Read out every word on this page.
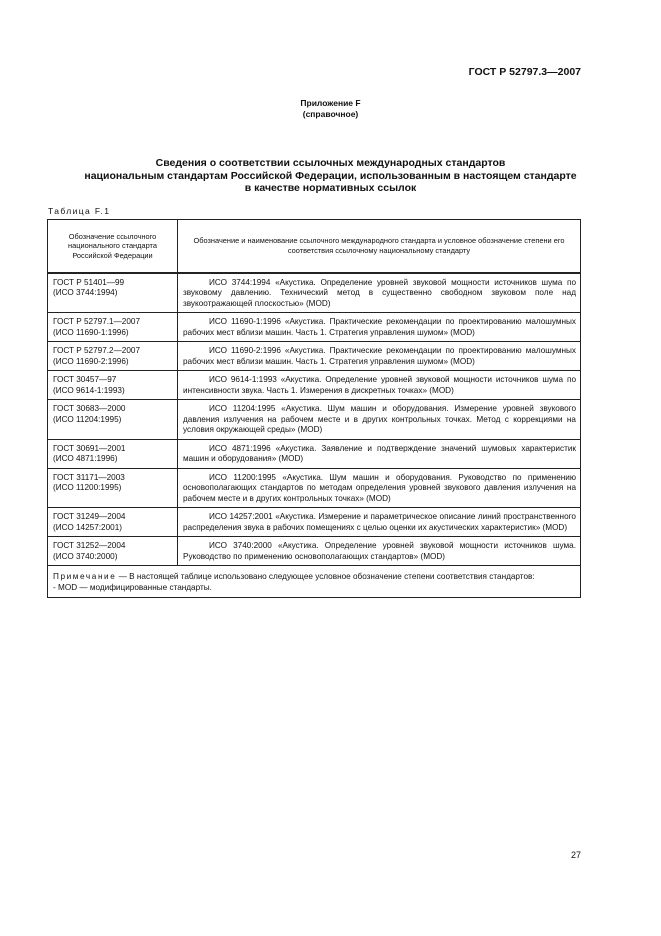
ГОСТ Р 52797.3—2007
Приложение F
(справочное)
Сведения о соответствии ссылочных международных стандартов
национальным стандартам Российской Федерации, использованным в настоящем стандарте
в качестве нормативных ссылок
Таблица F.1
Обозначение ссылочного национального стандарта Российской Федерации	Обозначение и наименование ссылочного международного стандарта и условное обозначение степени его соответствия ссылочному национальному стандарту

ГОСТ Р 51401—99
(ИСО 3744:1994)	ИСО 3744:1994 «Акустика. Определение уровней звуковой мощности источников шума по звуковому давлению. Технический метод в существенно свободном звуковом поле над звукоотражающей плоскостью» (MOD)

ГОСТ Р 52797.1—2007
(ИСО 11690-1:1996)	ИСО 11690-1:1996 «Акустика. Практические рекомендации по проектированию малошумных рабочих мест вблизи машин. Часть 1. Стратегия управления шумом» (MOD)

ГОСТ Р 52797.2—2007
(ИСО 11690-2:1996)	ИСО 11690-2:1996 «Акустика. Практические рекомендации по проектированию малошумных рабочих мест вблизи машин. Часть 1. Стратегия управления шумом» (MOD)

ГОСТ 30457—97
(ИСО 9614-1:1993)	ИСО 9614-1:1993 «Акустика. Определение уровней звуковой мощности источников шума по интенсивности звука. Часть 1. Измерения в дискретных точках» (MOD)

ГОСТ 30683—2000
(ИСО 11204:1995)	ИСО 11204:1995 «Акустика. Шум машин и оборудования. Измерение уровней звукового давления излучения на рабочем месте и в других контрольных точках. Метод с коррекциями на условия окружающей среды» (MOD)

ГОСТ 30691—2001
(ИСО 4871:1996)	ИСО 4871:1996 «Акустика. Заявление и подтверждение значений шумовых характеристик машин и оборудования» (MOD)

ГОСТ 31171—2003
(ИСО 11200:1995)	ИСО 11200:1995 «Акустика. Шум машин и оборудования. Руководство по применению основополагающих стандартов по методам определения уровней звукового давления излучения на рабочем месте и в других контрольных точках» (MOD)

ГОСТ 31249—2004
(ИСО 14257:2001)	ИСО 14257:2001 «Акустика. Измерение и параметрическое описание линий пространственного распределения звука в рабочих помещениях с целью оценки их акустических характеристик» (MOD)

ГОСТ 31252—2004
(ИСО 3740:2000)	ИСО 3740:2000 «Акустика. Определение уровней звуковой мощности источников шума. Руководство по применению основополагающих стандартов» (MOD)
Примечание — В настоящей таблице использовано следующее условное обозначение степени соответствия стандартов:
- MOD — модифицированные стандарты.	
27
